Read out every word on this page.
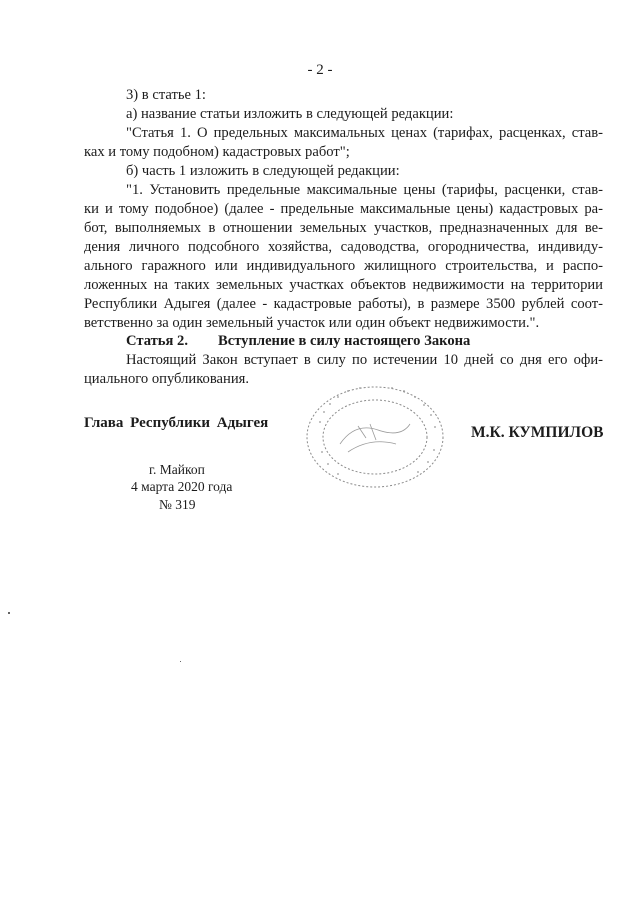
- 2 -
3) в статье 1:
а) название статьи изложить в следующей редакции:
"Статья 1. О предельных максимальных ценах (тарифах, расценках, став-
ках и тому подобном) кадастровых работ";
б) часть 1 изложить в следующей редакции:
"1. Установить предельные максимальные цены (тарифы, расценки, став-
ки и тому подобное) (далее - предельные максимальные цены) кадастровых ра-
бот, выполняемых в отношении земельных участков, предназначенных для ве-
дения личного подсобного хозяйства, садоводства, огородничества, индивиду-
ального гаражного или индивидуального жилищного строительства, и распо-
ложенных на таких земельных участках объектов недвижимости на территории
Республики Адыгея (далее - кадастровые работы), в размере 3500 рублей соот-
ветственно за один земельный участок или один объект недвижимости.".
Статья 2. Вступление в силу настоящего Закона
Настоящий Закон вступает в силу по истечении 10 дней со дня его офи-
циального опубликования.
Глава Республики Адыгея
М.К. КУМПИЛОВ
г. Майкоп
4 марта 2020 года
№ 319
